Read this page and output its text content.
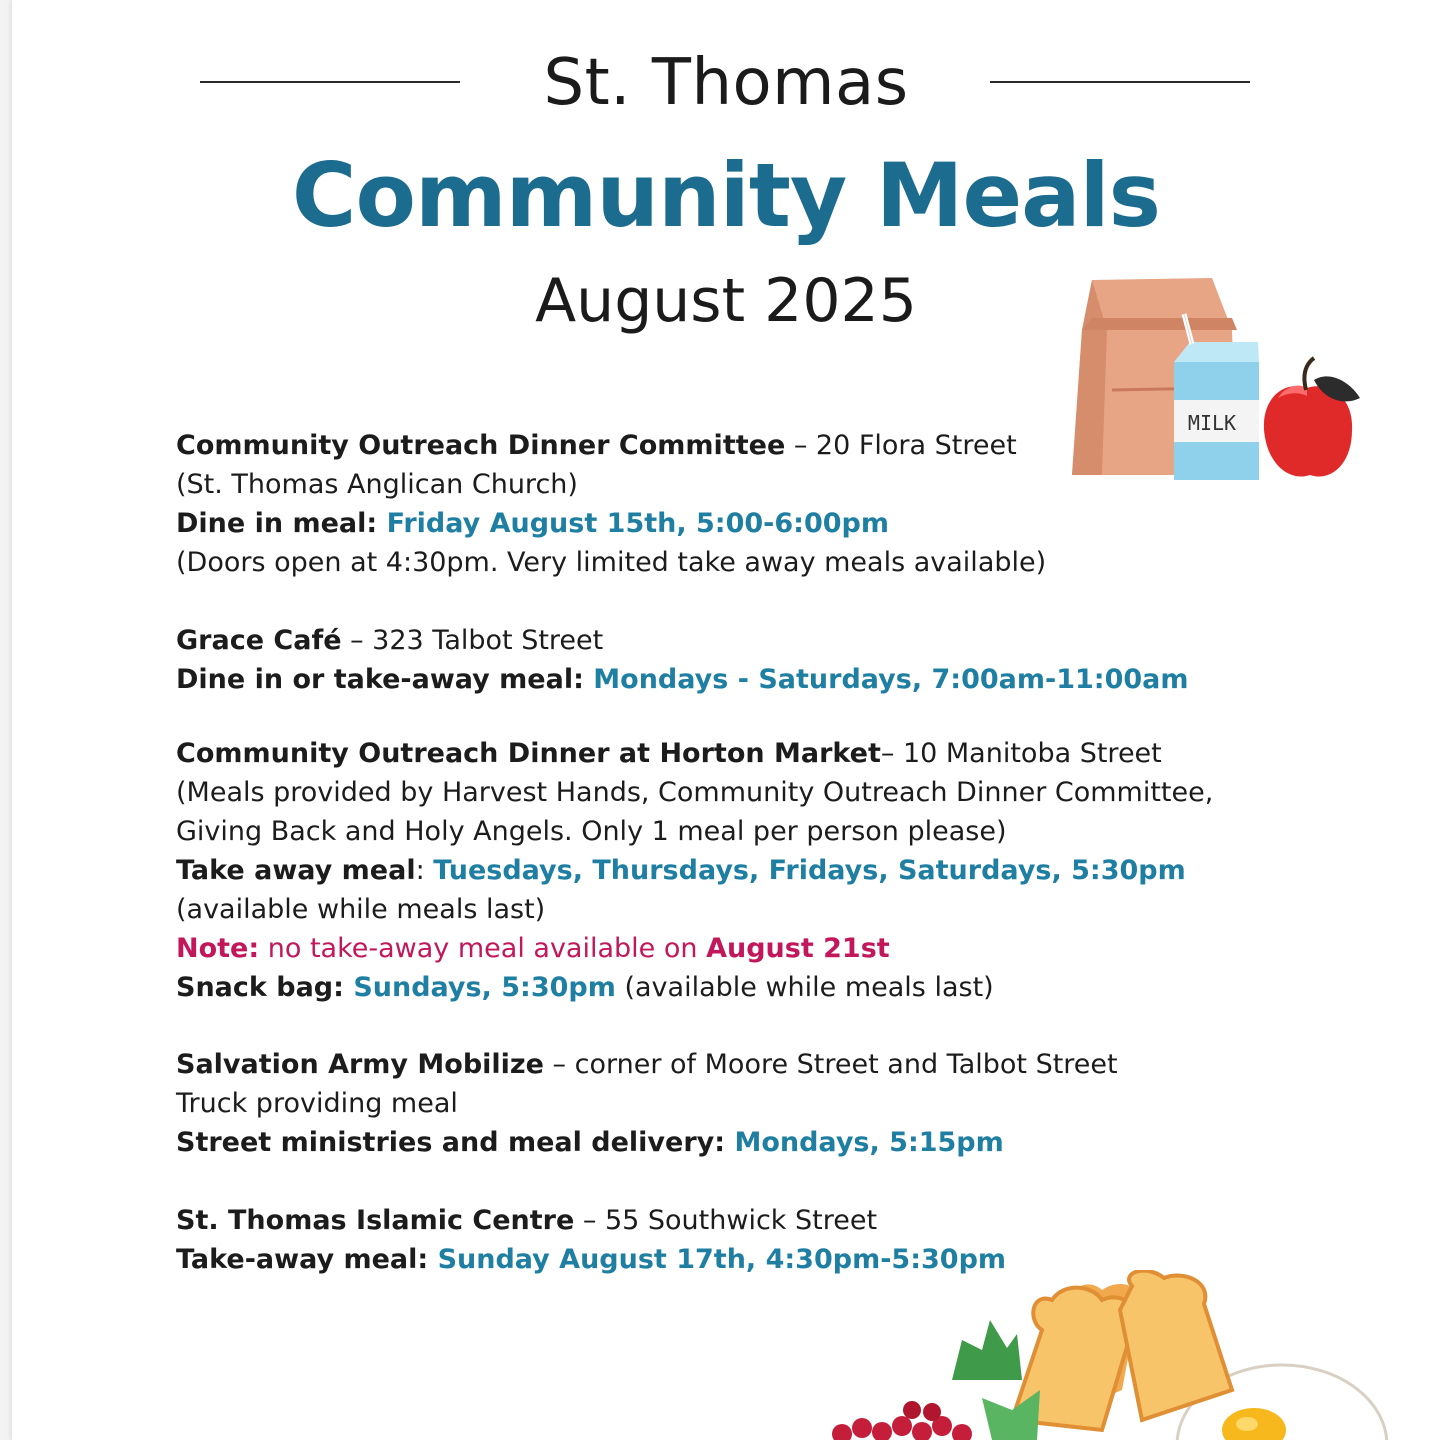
St. Thomas
Community Meals
August 2025
MILK
Community Outreach Dinner Committee – 20 Flora Street
(St. Thomas Anglican Church)
Dine in meal: Friday August 15th, 5:00-6:00pm
(Doors open at 4:30pm. Very limited take away meals available)
Grace Café – 323 Talbot Street
Dine in or take-away meal: Mondays - Saturdays, 7:00am-11:00am
Community Outreach Dinner at Horton Market– 10 Manitoba Street
(Meals provided by Harvest Hands, Community Outreach Dinner Committee,
Giving Back and Holy Angels. Only 1 meal per person please)
Take away meal: Tuesdays, Thursdays, Fridays, Saturdays, 5:30pm
(available while meals last)
Note: no take-away meal available on August 21st
Snack bag: Sundays, 5:30pm (available while meals last)
Salvation Army Mobilize – corner of Moore Street and Talbot Street
Truck providing meal
Street ministries and meal delivery: Mondays, 5:15pm
St. Thomas Islamic Centre – 55 Southwick Street
Take-away meal: Sunday August 17th, 4:30pm-5:30pm
